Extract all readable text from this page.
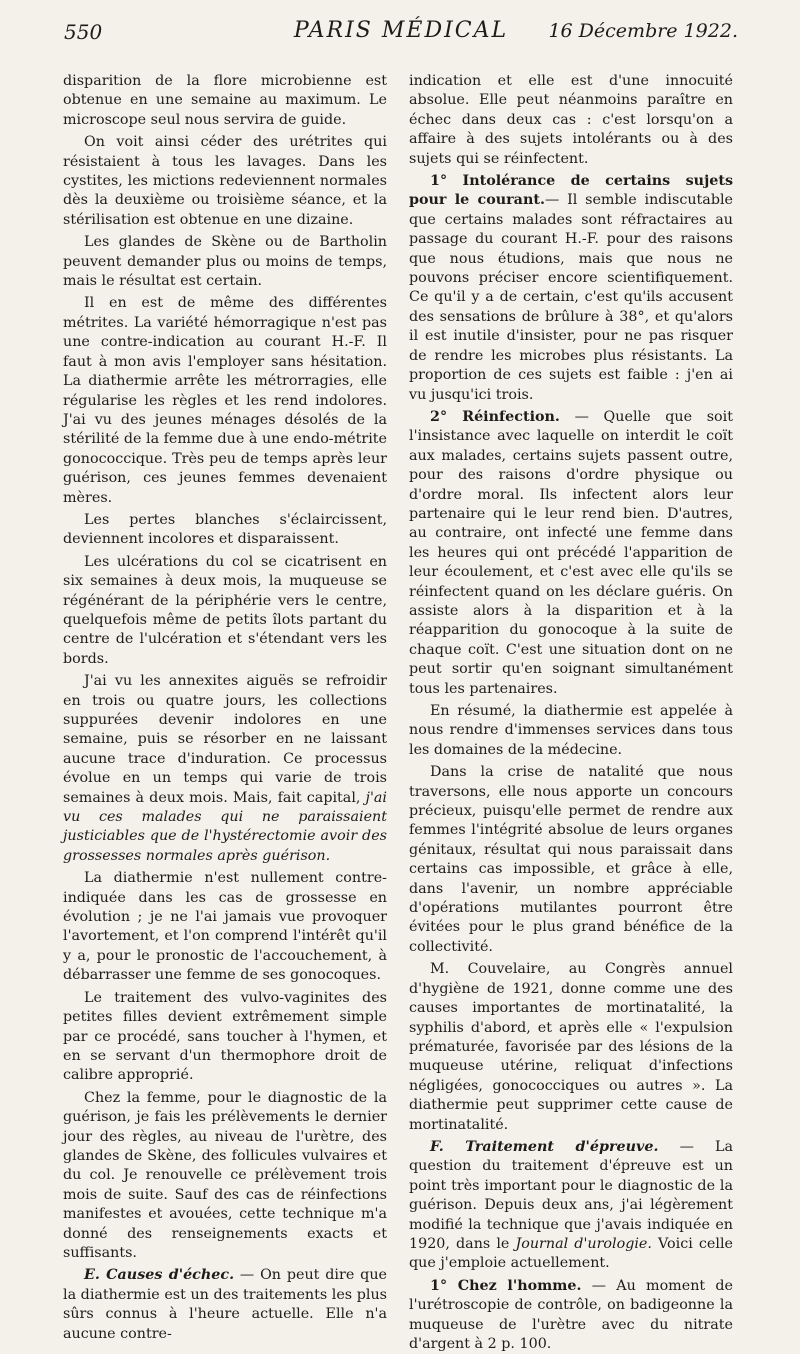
550	PARIS MÉDICAL	16 Décembre 1922.

disparition de la flore microbienne est obtenue en une semaine au maximum. Le microscope seul nous servira de guide.

On voit ainsi céder des urétrites qui résistaient à tous les lavages. Dans les cystites, les mictions redeviennent normales dès la deuxième ou troisième séance, et la stérilisation est obtenue en une dizaine.

Les glandes de Skène ou de Bartholin peuvent demander plus ou moins de temps, mais le résultat est certain.

Il en est de même des différentes métrites. La variété hémorragique n'est pas une contre-indication au courant H.-F. Il faut à mon avis l'employer sans hésitation. La diathermie arrête les métrorragies, elle régularise les règles et les rend indolores. J'ai vu des jeunes ménages désolés de la stérilité de la femme due à une endo-métrite gonococcique. Très peu de temps après leur guérison, ces jeunes femmes devenaient mères.

Les pertes blanches s'éclaircissent, deviennent incolores et disparaissent.

Les ulcérations du col se cicatrisent en six semaines à deux mois, la muqueuse se régénérant de la périphérie vers le centre, quelquefois même de petits îlots partant du centre de l'ulcération et s'étendant vers les bords.

J'ai vu les annexites aiguës se refroidir en trois ou quatre jours, les collections suppurées devenir indolores en une semaine, puis se résorber en ne laissant aucune trace d'induration. Ce processus évolue en un temps qui varie de trois semaines à deux mois. Mais, fait capital, j'ai vu ces malades qui ne paraissaient justiciables que de l'hystérectomie avoir des grossesses normales après guérison.

La diathermie n'est nullement contre-indiquée dans les cas de grossesse en évolution ; je ne l'ai jamais vue provoquer l'avortement, et l'on comprend l'intérêt qu'il y a, pour le pronostic de l'accouchement, à débarrasser une femme de ses gonocoques.

Le traitement des vulvo-vaginites des petites filles devient extrêmement simple par ce procédé, sans toucher à l'hymen, et en se servant d'un thermophore droit de calibre approprié.

Chez la femme, pour le diagnostic de la guérison, je fais les prélèvements le dernier jour des règles, au niveau de l'urètre, des glandes de Skène, des follicules vulvaires et du col. Je renouvelle ce prélèvement trois mois de suite. Sauf des cas de réinfections manifestes et avouées, cette technique m'a donné des renseignements exacts et suffisants.

E. Causes d'échec. — On peut dire que la diathermie est un des traitements les plus sûrs connus à l'heure actuelle. Elle n'a aucune contre-

indication et elle est d'une innocuité absolue. Elle peut néanmoins paraître en échec dans deux cas : c'est lorsqu'on a affaire à des sujets intolérants ou à des sujets qui se réinfectent.

1° Intolérance de certains sujets pour le courant.— Il semble indiscutable que certains malades sont réfractaires au passage du courant H.-F. pour des raisons que nous étudions, mais que nous ne pouvons préciser encore scientifiquement. Ce qu'il y a de certain, c'est qu'ils accusent des sensations de brûlure à 38°, et qu'alors il est inutile d'insister, pour ne pas risquer de rendre les microbes plus résistants. La proportion de ces sujets est faible : j'en ai vu jusqu'ici trois.

2° Réinfection. — Quelle que soit l'insistance avec laquelle on interdit le coït aux malades, certains sujets passent outre, pour des raisons d'ordre physique ou d'ordre moral. Ils infectent alors leur partenaire qui le leur rend bien. D'autres, au contraire, ont infecté une femme dans les heures qui ont précédé l'apparition de leur écoulement, et c'est avec elle qu'ils se réinfectent quand on les déclare guéris. On assiste alors à la disparition et à la réapparition du gonocoque à la suite de chaque coït. C'est une situation dont on ne peut sortir qu'en soignant simultanément tous les partenaires.

En résumé, la diathermie est appelée à nous rendre d'immenses services dans tous les domaines de la médecine.

Dans la crise de natalité que nous traversons, elle nous apporte un concours précieux, puisqu'elle permet de rendre aux femmes l'intégrité absolue de leurs organes génitaux, résultat qui nous paraissait dans certains cas impossible, et grâce à elle, dans l'avenir, un nombre appréciable d'opérations mutilantes pourront être évitées pour le plus grand bénéfice de la collectivité.

M. Couvelaire, au Congrès annuel d'hygiène de 1921, donne comme une des causes importantes de mortinatalité, la syphilis d'abord, et après elle « l'expulsion prématurée, favorisée par des lésions de la muqueuse utérine, reliquat d'infections négligées, gonococciques ou autres ». La diathermie peut supprimer cette cause de mortinatalité.

F. Traitement d'épreuve. — La question du traitement d'épreuve est un point très important pour le diagnostic de la guérison. Depuis deux ans, j'ai légèrement modifié la technique que j'avais indiquée en 1920, dans le Journal d'urologie. Voici celle que j'emploie actuellement.

1° Chez l'homme. — Au moment de l'urétroscopie de contrôle, on badigeonne la muqueuse de l'urètre avec du nitrate d'argent à 2 p. 100.
